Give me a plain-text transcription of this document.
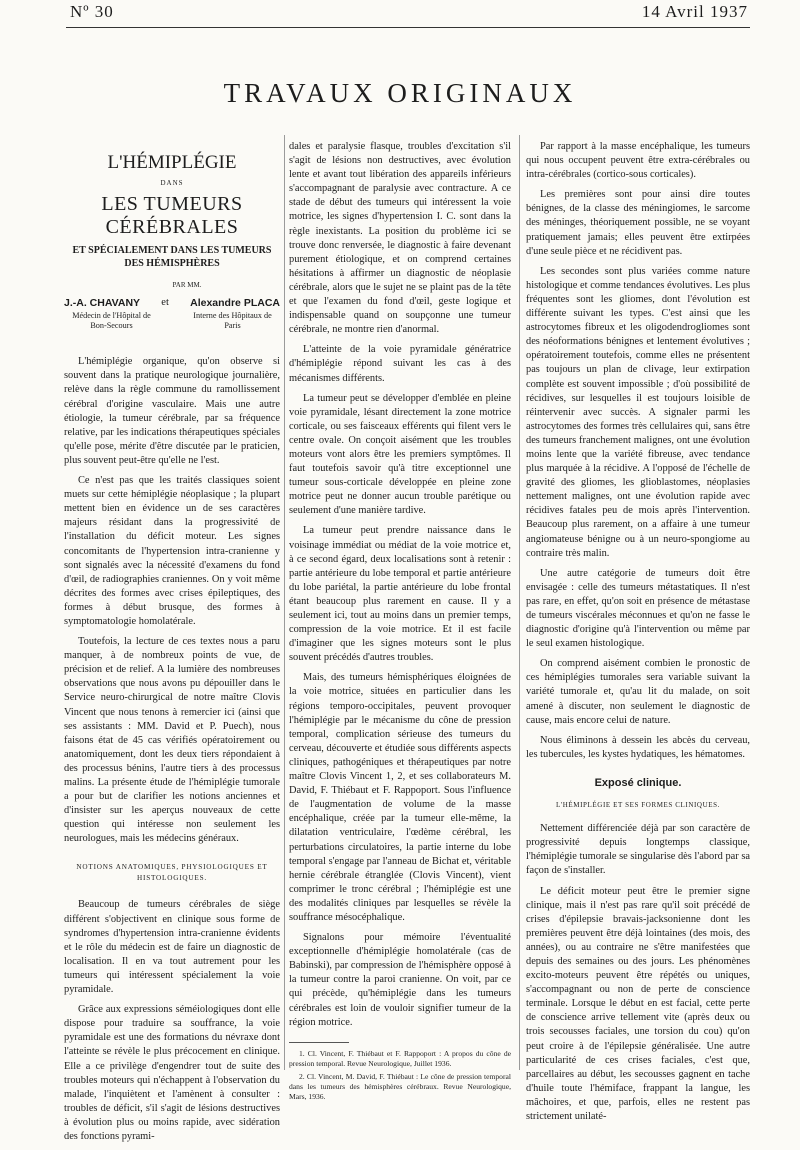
Nº 30	14 Avril 1937
TRAVAUX ORIGINAUX
L'HÉMIPLÉGIE
DANS
LES TUMEURS CÉRÉBRALES
ET SPÉCIALEMENT DANS LES TUMEURS DES HÉMISPHÈRES
PAR MM.
J.-A. CHAVANY et Alexandre PLACA
Médecin de l'Hôpital de Bon-Secours
Interne des Hôpitaux de Paris

L'hémiplégie organique, qu'on observe si souvent dans la pratique neurologique journalière, relève dans la règle commune du ramollissement cérébral d'origine vasculaire. Mais une autre étiologie, la tumeur cérébrale, par sa fréquence relative, par les indications thérapeutiques spéciales qu'elle pose, mérite d'être discutée par le praticien, plus souvent peut-être qu'elle ne l'est.

Ce n'est pas que les traités classiques soient muets sur cette hémiplégie néoplasique ; la plupart mettent bien en évidence un de ses caractères majeurs résidant dans la progressivité de l'installation du déficit moteur. Les signes concomitants de l'hypertension intra-cranienne y sont signalés avec la nécessité d'examens du fond d'œil, de radiographies craniennes. On y voit même décrites des formes avec crises épileptiques, des formes à début brusque, des formes à symptomatologie homolatérale.

Toutefois, la lecture de ces textes nous a paru manquer, à de nombreux points de vue, de précision et de relief. A la lumière des nombreuses observations que nous avons pu dépouiller dans le Service neuro-chirurgical de notre maître Clovis Vincent que nous tenons à remercier ici (ainsi que ses assistants : MM. David et P. Puech), nous faisons état de 45 cas vérifiés opératoirement ou anatomiquement, dont les deux tiers répondaient à des processus bénins, l'autre tiers à des processus malins. La présente étude de l'hémiplégie tumorale a pour but de clarifier les notions anciennes et d'insister sur les aperçus nouveaux de cette question qui intéresse non seulement les neurologues, mais les médecins généraux.

NOTIONS ANATOMIQUES, PHYSIOLOGIQUES ET HISTOLOGIQUES.

Beaucoup de tumeurs cérébrales de siège différent s'objectivent en clinique sous forme de syndromes d'hypertension intra-cranienne évidents et le rôle du médecin est de faire un diagnostic de localisation. Il en va tout autrement pour les tumeurs qui intéressent spécialement la voie pyramidale.

Grâce aux expressions séméiologiques dont elle dispose pour traduire sa souffrance, la voie pyramidale est une des formations du névraxe dont l'atteinte se révèle le plus précocement en clinique. Elle a ce privilège d'engendrer tout de suite des troubles moteurs qui n'échappent à l'observation du malade, l'inquiètent et l'amènent à consulter : troubles de déficit, s'il s'agit de lésions destructives à évolution plus ou moins rapide, avec sidération des fonctions pyrami-

dales et paralysie flasque, troubles d'excitation s'il s'agit de lésions non destructives, avec évolution lente et avant tout libération des appareils inférieurs s'accompagnant de paralysie avec contracture. A ce stade de début des tumeurs qui intéressent la voie motrice, les signes d'hypertension I. C. sont dans la règle inexistants. La position du problème ici se trouve donc renversée, le diagnostic à faire devenant purement étiologique, et on comprend certaines hésitations à affirmer un diagnostic de néoplasie cérébrale, alors que le sujet ne se plaint pas de la tête et que l'examen du fond d'œil, geste logique et indispensable quand on soupçonne une tumeur cérébrale, ne montre rien d'anormal.

L'atteinte de la voie pyramidale génératrice d'hémiplégie répond suivant les cas à des mécanismes différents.

La tumeur peut se développer d'emblée en pleine voie pyramidale, lésant directement la zone motrice corticale, ou ses faisceaux efférents qui filent vers le centre ovale. On conçoit aisément que les troubles moteurs vont alors être les premiers symptômes. Il faut toutefois savoir qu'à titre exceptionnel une tumeur sous-corticale développée en pleine zone motrice peut ne donner aucun trouble parétique ou seulement d'une manière tardive.

La tumeur peut prendre naissance dans le voisinage immédiat ou médiat de la voie motrice et, à ce second égard, deux localisations sont à retenir : partie antérieure du lobe temporal et partie antérieure du lobe pariétal, la partie antérieure du lobe frontal étant beaucoup plus rarement en cause. Il y a seulement ici, tout au moins dans un premier temps, compression de la voie motrice. Et il est facile d'imaginer que les signes moteurs sont le plus souvent précédés d'autres troubles.

Mais, des tumeurs hémisphériques éloignées de la voie motrice, situées en particulier dans les régions temporo-occipitales, peuvent provoquer l'hémiplégie par le mécanisme du cône de pression temporal, complication sérieuse des tumeurs du cerveau, découverte et étudiée sous différents aspects cliniques, pathogéniques et thérapeutiques par notre maître Clovis Vincent 1, 2, et ses collaborateurs M. David, F. Thiébaut et F. Rappoport. Sous l'influence de l'augmentation de volume de la masse encéphalique, créée par la tumeur elle-même, la dilatation ventriculaire, l'œdème cérébral, les perturbations circulatoires, la partie interne du lobe temporal s'engage par l'anneau de Bichat et, véritable hernie cérébrale étranglée (Clovis Vincent), vient comprimer le tronc cérébral ; l'hémiplégie est une des modalités cliniques par lesquelles se révèle la souffrance mésocéphalique.

Signalons pour mémoire l'éventualité exceptionnelle d'hémiplégie homolatérale (cas de Babinski), par compression de l'hémisphère opposé à la tumeur contre la paroi cranienne. On voit, par ce qui précède, qu'hémiplégie dans les tumeurs cérébrales est loin de vouloir signifier tumeur de la région motrice.

1. Cl. Vincent, F. Thiébaut et F. Rappoport : A propos du cône de pression temporal. Revue Neurologique, Juillet 1936.

2. Cl. Vincent, M. David, F. Thiébaut : Le cône de pression temporal dans les tumeurs des hémisphères cérébraux. Revue Neurologique, Mars, 1936.

Par rapport à la masse encéphalique, les tumeurs qui nous occupent peuvent être extra-cérébrales ou intra-cérébrales (cortico-sous corticales).

Les premières sont pour ainsi dire toutes bénignes, de la classe des méningiomes, le sarcome des méninges, théoriquement possible, ne se voyant pratiquement jamais; elles peuvent être extirpées d'une seule pièce et ne récidivent pas.

Les secondes sont plus variées comme nature histologique et comme tendances évolutives. Les plus fréquentes sont les gliomes, dont l'évolution est différente suivant les types. C'est ainsi que les astrocytomes fibreux et les oligodendrogliomes sont des néoformations bénignes et lentement évolutives ; opératoirement toutefois, comme elles ne présentent pas toujours un plan de clivage, leur extirpation complète est souvent impossible ; d'où possibilité de récidives, sur lesquelles il est toujours loisible de réintervenir avec succès. A signaler parmi les astrocytomes des formes très cellulaires qui, sans être des tumeurs franchement malignes, ont une évolution moins lente que la variété fibreuse, avec tendance plus marquée à la récidive. A l'opposé de l'échelle de gravité des gliomes, les glioblastomes, néoplasies nettement malignes, ont une évolution rapide avec récidives fatales peu de mois après l'intervention. Beaucoup plus rarement, on a affaire à une tumeur angiomateuse bénigne ou à un neuro-spongiome au contraire très malin.

Une autre catégorie de tumeurs doit être envisagée : celle des tumeurs métastatiques. Il n'est pas rare, en effet, qu'on soit en présence de métastase de tumeurs viscérales méconnues et qu'on ne fasse le diagnostic d'origine qu'à l'intervention ou même par le seul examen histologique.

On comprend aisément combien le pronostic de ces hémiplégies tumorales sera variable suivant la variété tumorale et, qu'au lit du malade, on soit amené à discuter, non seulement le diagnostic de cause, mais encore celui de nature.

Nous éliminons à dessein les abcès du cerveau, les tubercules, les kystes hydatiques, les hématomes.

Exposé clinique.
L'HÉMIPLÉGIE ET SES FORMES CLINIQUES.

Nettement différenciée déjà par son caractère de progressivité depuis longtemps classique, l'hémiplégie tumorale se singularise dès l'abord par sa façon de s'installer.

Le déficit moteur peut être le premier signe clinique, mais il n'est pas rare qu'il soit précédé de crises d'épilepsie bravais-jacksonienne dont les premières peuvent être déjà lointaines (des mois, des années), ou au contraire ne s'être manifestées que depuis des semaines ou des jours. Les phénomènes excito-moteurs peuvent être répétés ou uniques, s'accompagnant ou non de perte de conscience terminale. Lorsque le début en est facial, cette perte de conscience arrive tellement vite (après deux ou trois secousses faciales, une torsion du cou) qu'on peut croire à de l'épilepsie généralisée. Une autre particularité de ces crises faciales, c'est que, parcellaires au début, les secousses gagnent en tache d'huile toute l'hémiface, frappant la langue, les mâchoires, et que, parfois, elles ne restent pas strictement unilaté-
